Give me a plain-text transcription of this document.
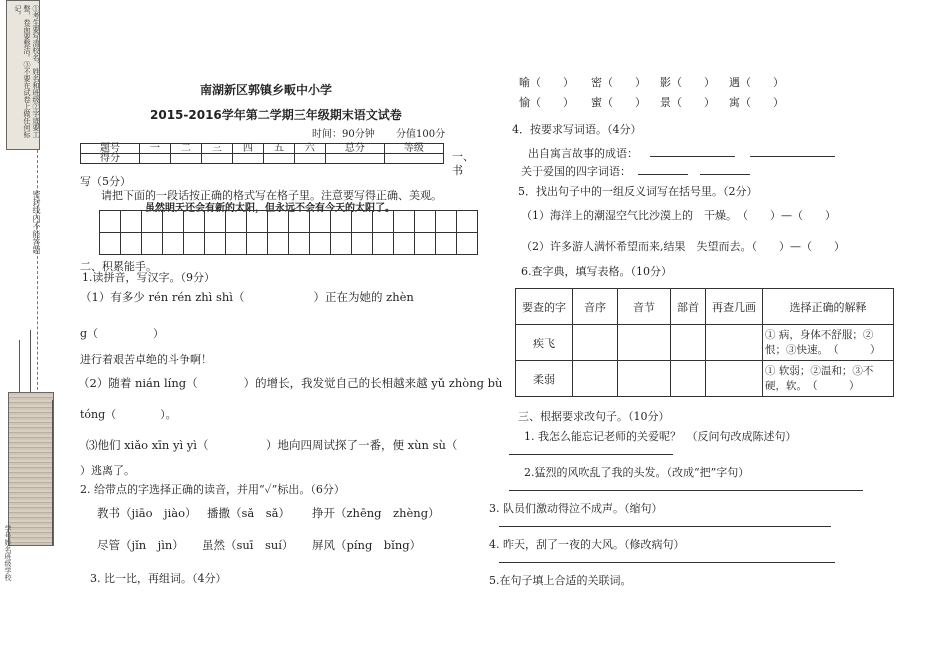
①考生要写清校名、姓名和班级②字迹要工整，卷面要整洁。③不要在试卷上做任何标记。
密封线内不能答题
学号姓名班级学校
南湖新区郭镇乡畈中小学
2015-2016学年第二学期三年级期末语文试卷
时间：90分钟 分值100分
题号	一	二	三	四	五	六	总分	等级
得分									一、书
写（5分）
请把下面的一段话按正确的格式写在格子里。注意要写得正确、美观。
虽然明天还会有新的太阳，但永远不会有今天的太阳了。

二、积累能手。
1.读拼音，写汉字。（9分）
（1）有多少 rén rén zhì shì（　　　　　　）正在为她的 zhèn
g（　　　　　）
进行着艰苦卓绝的斗争啊！
（2）随着 nián líng（　　　　）的增长，我发觉自己的长相越来越 yǔ zhòng bù
tóng（　　　　）。
⑶他们 xiǎo xīn yì yì（　　　　　）地向四周试探了一番，便 xùn sù（
）逃离了。
2. 给带点的字选择正确的读音，并用“✓”标出。（6分）
教书（jiāo　jiào） 播撒（sǎ　sǎ） 挣开（zhēng　zhèng）
尽管（jǐn　jìn） 虽然（suī　suí） 屏风（píng　bǐng）
3. 比一比，再组词。（4分）
喻（　　） 密（　　） 影（　　） 遇（　　）
愉（　　） 蜜（　　） 景（　　） 寓（　　）
4．按要求写词语。（4分）
出自寓言故事的成语：
关于爱国的四字词语：
5．找出句子中的一组反义词写在括号里。（2分）
（1）海洋上的潮湿空气比沙漠上的　干燥。　（　　）—（　　）
（2）许多游人满怀希望而来,结果　失望而去。（　　）—（　　）
6.查字典，填写表格。（10分）
要查的字	音序	音节	部首	再查几画	选择正确的解释
疾飞					① 病，身体不舒服；②恨；③快速。　（　　　）
柔弱					① 软弱；②温和；③不硬，软。　（　　　）
三、根据要求改句子。（10分）
1. 我怎么能忘记老师的关爱呢？　（反问句改成陈述句）
2.猛烈的风吹乱了我的头发。（改成“把”字句）
3. 队员们激动得泣不成声。（缩句）
4. 昨天，刮了一夜的大风。（修改病句）
5.在句子填上合适的关联词。
